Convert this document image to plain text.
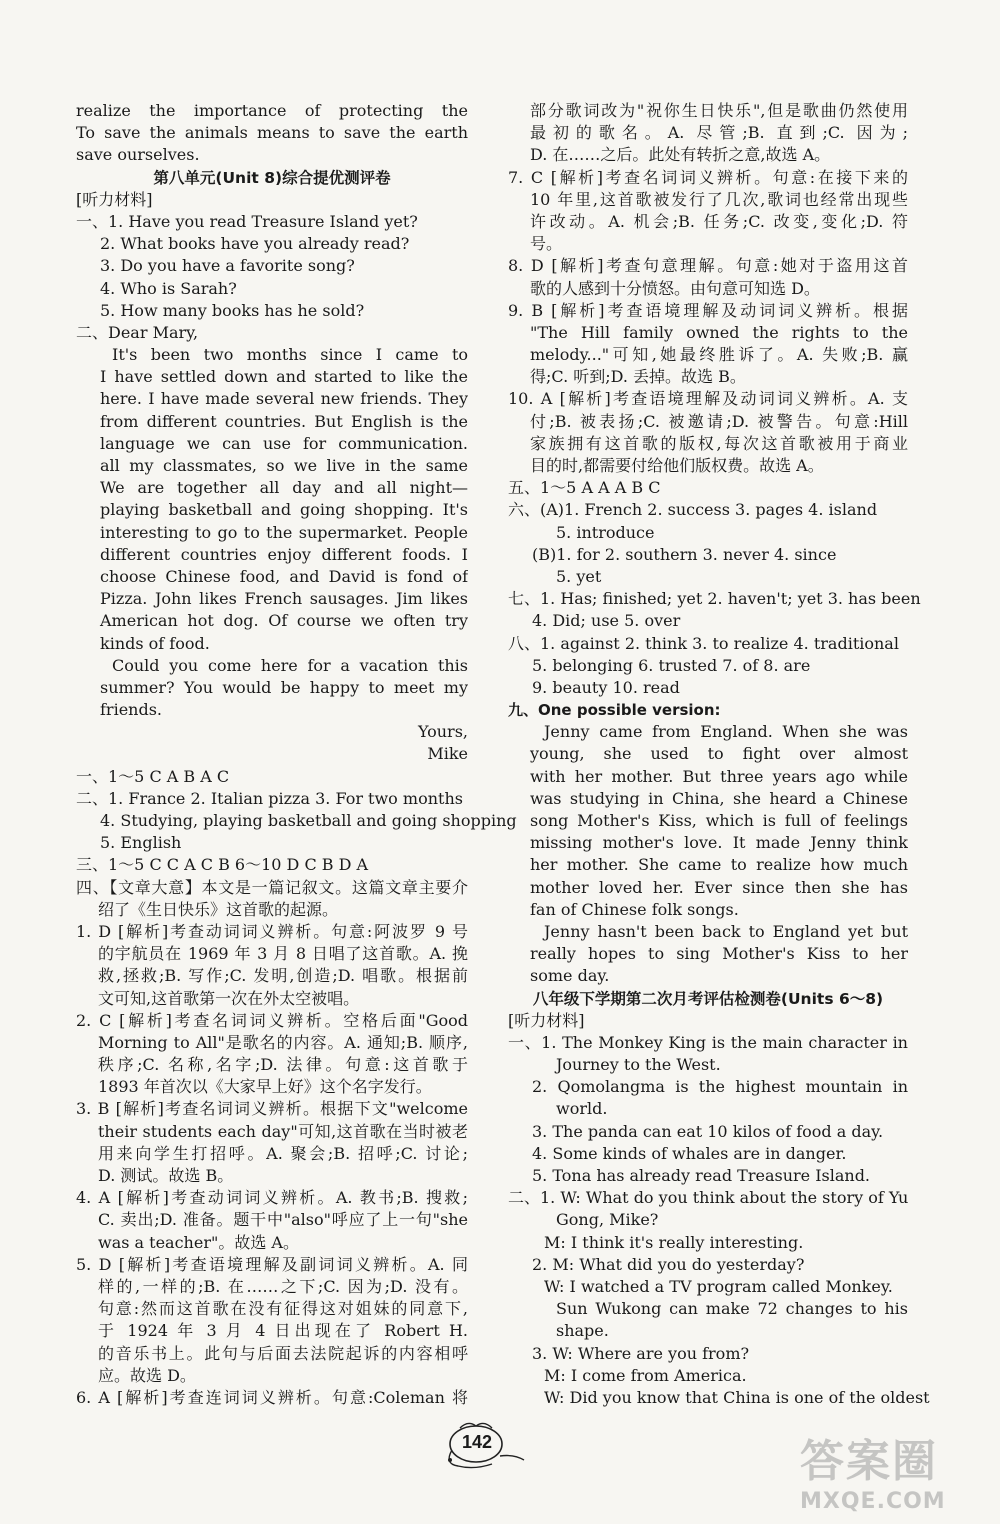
realize the importance of protecting the
To save the animals means to save the earth
save ourselves.
第八单元(Unit 8)综合提优测评卷
[听力材料]
一、1. Have you read Treasure Island yet?
2. What books have you already read?
3. Do you have a favorite song?
4. Who is Sarah?
5. How many books has he sold?
二、Dear Mary,
It's been two months since I came to
I have settled down and started to like the
here. I have made several new friends. They
from different countries. But English is the
language we can use for communication.
all my classmates, so we live in the same
We are together all day and all night—
playing basketball and going shopping. It's
interesting to go to the supermarket. People
different countries enjoy different foods. I
choose Chinese food, and David is fond of
Pizza. John likes French sausages. Jim likes
American hot dog. Of course we often try
kinds of food.
Could you come here for a vacation this
summer? You would be happy to meet my
friends.
Yours,
Mike
一、1～5 C A B A C
二、1. France 2. Italian pizza 3. For two months
4. Studying, playing basketball and going shopping
5. English
三、1～5 C C A C B 6～10 D C B D A
四、【文章大意】本文是一篇记叙文。这篇文章主要介
绍了《生日快乐》这首歌的起源。
1. D [解析]考查动词词义辨析。句意:阿波罗 9 号
的宇航员在 1969 年 3 月 8 日唱了这首歌。A. 挽
救,拯救;B. 写作;C. 发明,创造;D. 唱歌。根据前
文可知,这首歌第一次在外太空被唱。
2. C [解析]考查名词词义辨析。空格后面"Good
Morning to All"是歌名的内容。A. 通知;B. 顺序,
秩序;C. 名称,名字;D. 法律。句意:这首歌于
1893 年首次以《大家早上好》这个名字发行。
3. B [解析]考查名词词义辨析。根据下文"welcome
their students each day"可知,这首歌在当时被老
用来向学生打招呼。A. 聚会;B. 招呼;C. 讨论;
D. 测试。故选 B。
4. A [解析]考查动词词义辨析。A. 教书;B. 搜救;
C. 卖出;D. 准备。题干中"also"呼应了上一句"she
was a teacher"。故选 A。
5. D [解析]考查语境理解及副词词义辨析。A. 同
样的,一样的;B. 在……之下;C. 因为;D. 没有。
句意:然而这首歌在没有征得这对姐妹的同意下,
于 1924 年 3 月 4 日出现在了 Robert H.
的音乐书上。此句与后面去法院起诉的内容相呼
应。故选 D。
6. A [解析]考查连词词义辨析。句意:Coleman 将
部分歌词改为"祝你生日快乐",但是歌曲仍然使用
最初的歌名。A. 尽管;B. 直到;C. 因为;
D. 在……之后。此处有转折之意,故选 A。
7. C [解析]考查名词词义辨析。句意:在接下来的
10 年里,这首歌被发行了几次,歌词也经常出现些
许改动。A. 机会;B. 任务;C. 改变,变化;D. 符
号。
8. D [解析]考查句意理解。句意:她对于盗用这首
歌的人感到十分愤怒。由句意可知选 D。
9. B [解析]考查语境理解及动词词义辨析。根据
"The Hill family owned the rights to the
melody..."可知,她最终胜诉了。A. 失败;B. 赢
得;C. 听到;D. 丢掉。故选 B。
10. A [解析]考查语境理解及动词词义辨析。A. 支
付;B. 被表扬;C. 被邀请;D. 被警告。句意:Hill
家族拥有这首歌的版权,每次这首歌被用于商业
目的时,都需要付给他们版权费。故选 A。
五、1～5 A A A B C
六、(A)1. French 2. success 3. pages 4. island
5. introduce
(B)1. for 2. southern 3. never 4. since
5. yet
七、1. Has; finished; yet 2. haven't; yet 3. has been
4. Did; use 5. over
八、1. against 2. think 3. to realize 4. traditional
5. belonging 6. trusted 7. of 8. are
9. beauty 10. read
九、One possible version:
Jenny came from England. When she was
young, she used to fight over almost
with her mother. But three years ago while
was studying in China, she heard a Chinese
song Mother's Kiss, which is full of feelings
missing mother's love. It made Jenny think
her mother. She came to realize how much
mother loved her. Ever since then she has
fan of Chinese folk songs.
Jenny hasn't been back to England yet but
really hopes to sing Mother's Kiss to her
some day.
八年级下学期第二次月考评估检测卷(Units 6～8)
[听力材料]
一、1. The Monkey King is the main character in
Journey to the West.
2. Qomolangma is the highest mountain in
world.
3. The panda can eat 10 kilos of food a day.
4. Some kinds of whales are in danger.
5. Tona has already read Treasure Island.
二、1. W: What do you think about the story of Yu
Gong, Mike?
M: I think it's really interesting.
2. M: What did you do yesterday?
W: I watched a TV program called Monkey.
Sun Wukong can make 72 changes to his
shape.
3. W: Where are you from?
M: I come from America.
W: Did you know that China is one of the oldest
142	答案圈
MXQE.COM
